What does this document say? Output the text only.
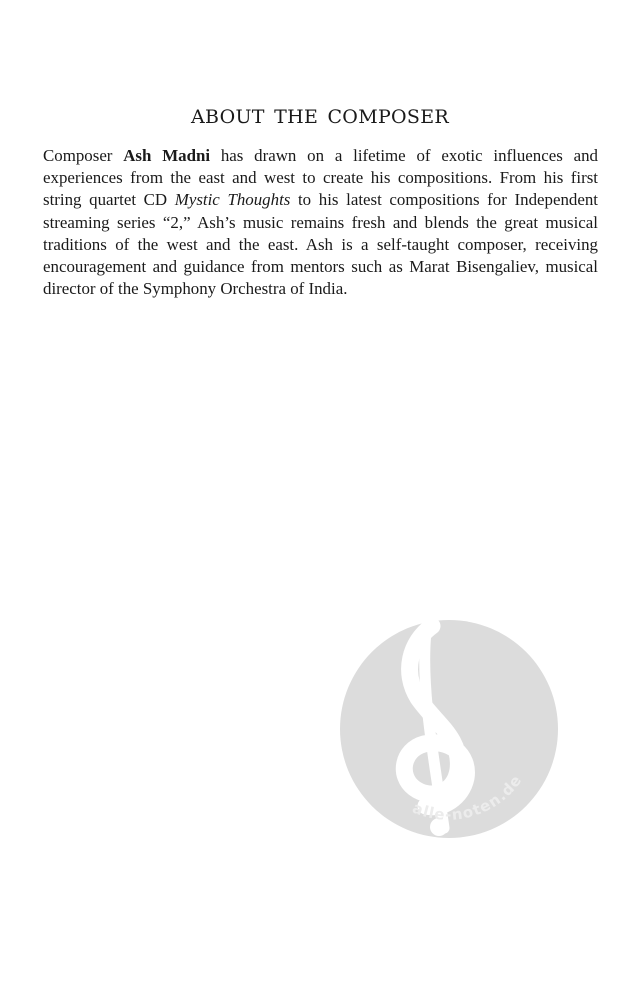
ABOUT THE COMPOSER

Composer Ash Madni has drawn on a lifetime of exotic influences and experiences from the east and west to create his compositions. From his first string quartet CD Mystic Thoughts to his latest compositions for Independent streaming series “2,” Ash’s music remains fresh and blends the great musical traditions of the west and the east. Ash is a self-taught composer, receiving encouragement and guidance from mentors such as Marat Bisengaliev, musical director of the Symphony Orchestra of India.

alle-noten.de
